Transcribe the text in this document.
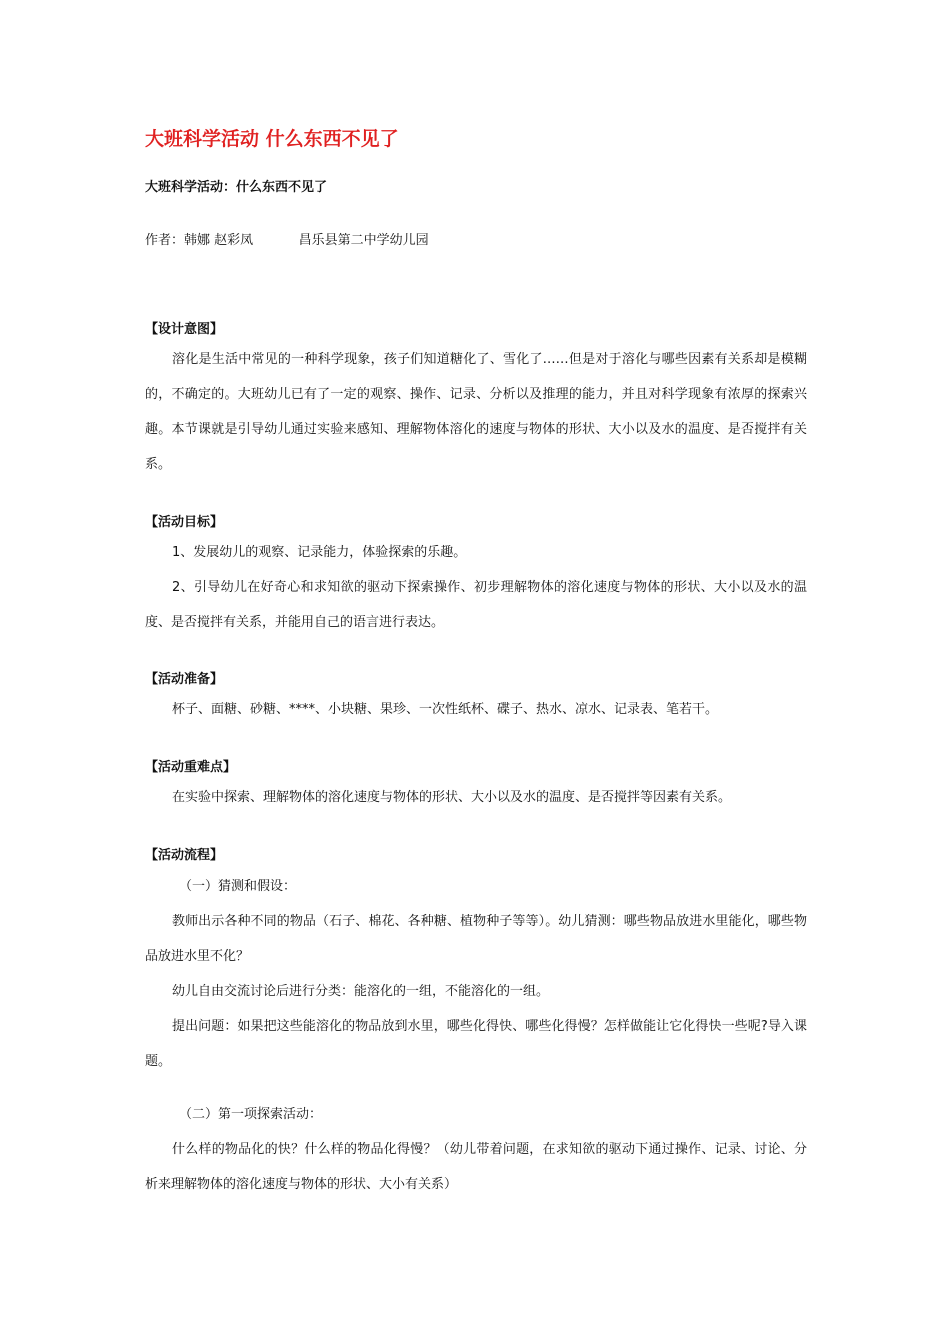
大班科学活动 什么东西不见了
大班科学活动：什么东西不见了
作者：韩娜 赵彩凤           昌乐县第二中学幼儿园
【设计意图】

溶化是生活中常见的一种科学现象，孩子们知道糖化了、雪化了……但是对于溶化与哪些因素有关系却是模糊的，不确定的。大班幼儿已有了一定的观察、操作、记录、分析以及推理的能力，并且对科学现象有浓厚的探索兴趣。本节课就是引导幼儿通过实验来感知、理解物体溶化的速度与物体的形状、大小以及水的温度、是否搅拌有关系。

【活动目标】

1、发展幼儿的观察、记录能力，体验探索的乐趣。

2、引导幼儿在好奇心和求知欲的驱动下探索操作、初步理解物体的溶化速度与物体的形状、大小以及水的温度、是否搅拌有关系，并能用自己的语言进行表达。

【活动准备】

杯子、面糖、砂糖、****、小块糖、果珍、一次性纸杯、碟子、热水、凉水、记录表、笔若干。

【活动重难点】

在实验中探索、理解物体的溶化速度与物体的形状、大小以及水的温度、是否搅拌等因素有关系。

【活动流程】

（一）猜测和假设：

教师出示各种不同的物品（石子、棉花、各种糖、植物种子等等）。幼儿猜测：哪些物品放进水里能化，哪些物品放进水里不化？

幼儿自由交流讨论后进行分类：能溶化的一组，不能溶化的一组。

提出问题：如果把这些能溶化的物品放到水里，哪些化得快、哪些化得慢？怎样做能让它化得快一些呢?导入课题。

（二）第一项探索活动：

什么样的物品化的快？什么样的物品化得慢？（幼儿带着问题，在求知欲的驱动下通过操作、记录、讨论、分析来理解物体的溶化速度与物体的形状、大小有关系）
